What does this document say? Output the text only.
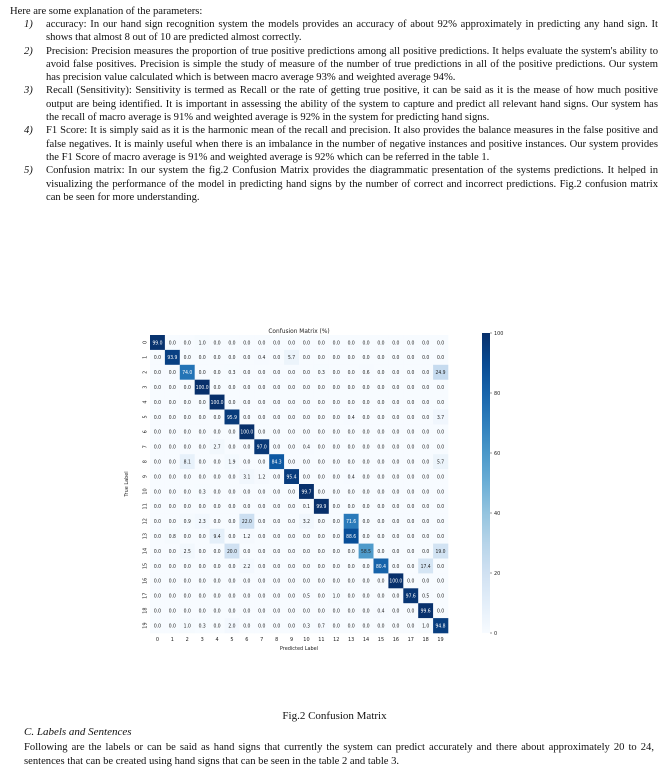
Here are some explanation of the parameters:
1) accuracy: In our hand sign recognition system the models provides an accuracy of about 92% approximately in predicting any hand sign. It shows that almost 8 out of 10 are predicted almost correctly.
2) Precision: Precision measures the proportion of true positive predictions among all positive predictions. It helps evaluate the system's ability to avoid false positives. Precision is simple the study of measure of the number of true predictions in all of the positive predictions. Our system has precision value calculated which is between macro average 93% and weighted average 94%.
3) Recall (Sensitivity): Sensitivity is termed as Recall or the rate of getting true positive, it can be said as it is the mease of how much positive output are being identified. It is important in assessing the ability of the system to capture and predict all relevant hand signs. Our system has the recall of macro average is 91% and weighted average is 92% in the system for predicting hand signs.
4) F1 Score: It is simply said as it is the harmonic mean of the recall and precision. It also provides the balance measures in the false positive and false negatives. It is mainly useful when there is an imbalance in the number of negative instances and positive instances. Our system provides the F1 Score of macro average is 91% and weighted average is 92% which can be referred in the table 1.
5) Confusion matrix: In our system the fig.2 Confusion Matrix provides the diagrammatic presentation of the systems predictions. It helped in visualizing the performance of the model in predicting hand signs by the number of correct and incorrect predictions. Fig.2 confusion matrix can be seen for more understanding.
Confusion Matrix (%)
99.0 0.0 0.0 1.0 0.0 0.0 0.0 0.0 0.0 0.0 0.0 0.0 0.0 0.0 0.0 0.0 0.0 0.0 0.0 0.0
0.0 93.9 0.0 0.0 0.0 0.0 0.0 0.4 0.0 5.7 0.0 0.0 0.0 0.0 0.0 0.0 0.0 0.0 0.0 0.0
0.0 0.0 74.0 0.0 0.0 0.3 0.0 0.0 0.0 0.0 0.0 0.3 0.0 0.0 0.6 0.0 0.0 0.0 0.0 24.9
0.0 0.0 0.0 100.0 0.0 0.0 0.0 0.0 0.0 0.0 0.0 0.0 0.0 0.0 0.0 0.0 0.0 0.0 0.0 0.0
0.0 0.0 0.0 0.0 100.0 0.0 0.0 0.0 0.0 0.0 0.0 0.0 0.0 0.0 0.0 0.0 0.0 0.0 0.0 0.0
0.0 0.0 0.0 0.0 0.0 95.9 0.0 0.0 0.0 0.0 0.0 0.0 0.0 0.4 0.0 0.0 0.0 0.0 0.0 3.7
0.0 0.0 0.0 0.0 0.0 0.0 100.0 0.0 0.0 0.0 0.0 0.0 0.0 0.0 0.0 0.0 0.0 0.0 0.0 0.0
0.0 0.0 0.0 0.0 2.7 0.0 0.0 97.0 0.0 0.0 0.4 0.0 0.0 0.0 0.0 0.0 0.0 0.0 0.0 0.0
0.0 0.0 8.1 0.0 0.0 1.9 0.0 0.0 84.3 0.0 0.0 0.0 0.0 0.0 0.0 0.0 0.0 0.0 0.0 5.7
0.0 0.0 0.0 0.0 0.0 0.0 3.1 1.2 0.0 95.4 0.0 0.0 0.0 0.4 0.0 0.0 0.0 0.0 0.0 0.0
0.0 0.0 0.0 0.3 0.0 0.0 0.0 0.0 0.0 0.0 99.7 0.0 0.0 0.0 0.0 0.0 0.0 0.0 0.0 0.0
0.0 0.0 0.0 0.0 0.0 0.0 0.0 0.0 0.0 0.0 0.1 99.9 0.0 0.0 0.0 0.0 0.0 0.0 0.0 0.0
0.0 0.0 0.9 2.3 0.0 0.0 22.0 0.0 0.0 0.0 3.2 0.0 0.0 71.6 0.0 0.0 0.0 0.0 0.0 0.0
0.0 0.8 0.0 0.0 9.4 0.0 1.2 0.0 0.0 0.0 0.0 0.0 0.0 88.6 0.0 0.0 0.0 0.0 0.0 0.0
0.0 0.0 2.5 0.0 0.0 20.0 0.0 0.0 0.0 0.0 0.0 0.0 0.0 0.0 58.5 0.0 0.0 0.0 0.0 19.0
0.0 0.0 0.0 0.0 0.0 0.0 2.2 0.0 0.0 0.0 0.0 0.0 0.0 0.0 0.0 80.4 0.0 0.0 17.4 0.0
0.0 0.0 0.0 0.0 0.0 0.0 0.0 0.0 0.0 0.0 0.0 0.0 0.0 0.0 0.0 0.0 100.0 0.0 0.0 0.0
0.0 0.0 0.0 0.0 0.0 0.0 0.0 0.0 0.0 0.0 0.5 0.0 1.0 0.0 0.0 0.0 0.0 97.6 0.5 0.0
0.0 0.0 0.0 0.0 0.0 0.0 0.0 0.0 0.0 0.0 0.0 0.0 0.0 0.0 0.0 0.4 0.0 0.0 99.6 0.0
0.0 0.0 1.0 0.3 0.0 2.0 0.0 0.0 0.0 0.0 0.3 0.7 0.0 0.0 0.0 0.0 0.0 0.0 1.0 94.8
0
1
2
3
4
5
6
7
8
9
10
11
12
13
14
15
16
17
18
19
0 1 2 3 4 5 6 7 8 9 10 11 12 13 14 15 16 17 18 19
Predicted Label
True Label
100
80
60
40
20
0
Fig.2 Confusion Matrix
C. Labels and Sentences
Following are the labels or can be said as hand signs that currently the system can predict accurately and there about approximately 20 to 24, sentences that can be created using hand signs that can be seen in the table 2 and table 3.
